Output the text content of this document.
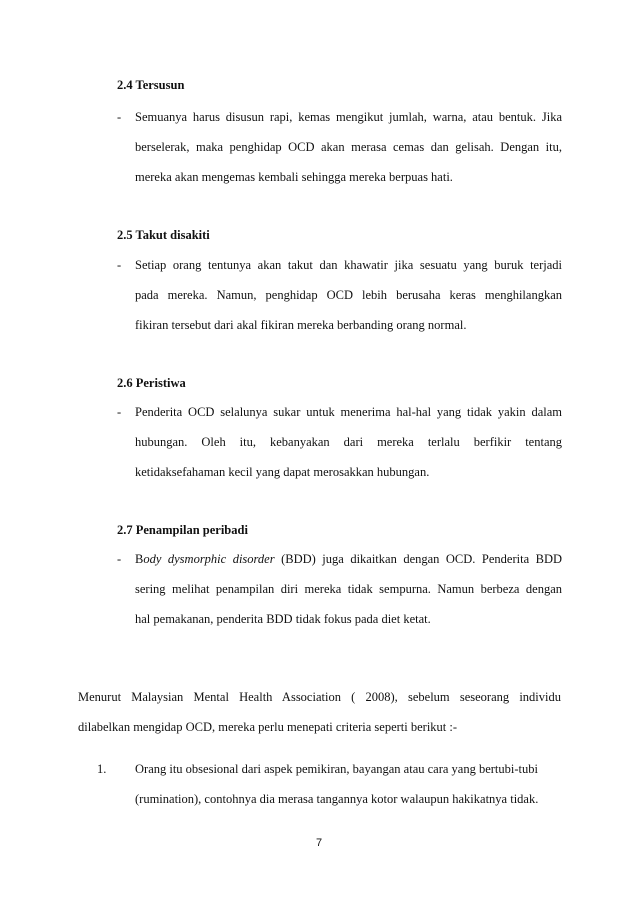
2.4 Tersusun
- Semuanya harus disusun rapi, kemas mengikut jumlah, warna, atau bentuk. Jika
berselerak, maka penghidap OCD akan merasa cemas dan gelisah. Dengan itu,
mereka akan mengemas kembali sehingga mereka berpuas hati.
2.5 Takut disakiti
- Setiap orang tentunya akan takut dan khawatir jika sesuatu yang buruk terjadi
pada mereka. Namun, penghidap OCD lebih berusaha keras menghilangkan
fikiran tersebut dari akal fikiran mereka berbanding orang normal.
2.6 Peristiwa
- Penderita OCD selalunya sukar untuk menerima hal-hal yang tidak yakin dalam
hubungan. Oleh itu, kebanyakan dari mereka terlalu berfikir tentang
ketidaksefahaman kecil yang dapat merosakkan hubungan.
2.7 Penampilan peribadi
- Body dysmorphic disorder (BDD) juga dikaitkan dengan OCD. Penderita BDD
sering melihat penampilan diri mereka tidak sempurna. Namun berbeza dengan
hal pemakanan, penderita BDD tidak fokus pada diet ketat.
Menurut Malaysian Mental Health Association ( 2008), sebelum seseorang individu
dilabelkan mengidap OCD, mereka perlu menepati criteria seperti berikut :-
1. Orang itu obsesional dari aspek pemikiran, bayangan atau cara yang bertubi-tubi
(rumination), contohnya dia merasa tangannya kotor walaupun hakikatnya tidak.
7
